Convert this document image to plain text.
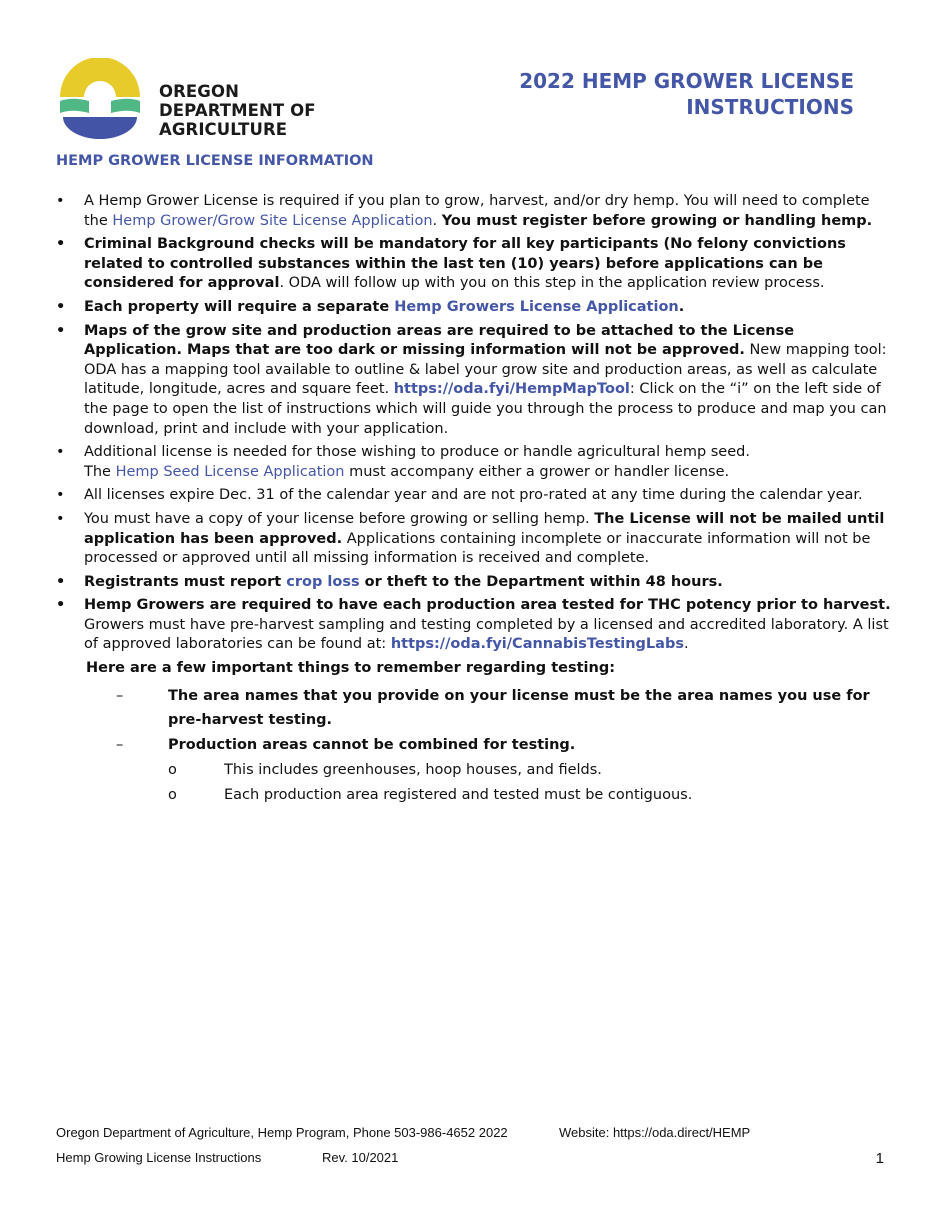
OREGON
DEPARTMENT OF
AGRICULTURE
2022 HEMP GROWER LICENSE
INSTRUCTIONS
HEMP GROWER LICENSE INFORMATION
• A Hemp Grower License is required if you plan to grow, harvest, and/or dry hemp. You will need to complete the Hemp Grower/Grow Site License Application. You must register before growing or handling hemp.
• Criminal Background checks will be mandatory for all key participants (No felony convictions related to controlled substances within the last ten (10) years) before applications can be considered for approval. ODA will follow up with you on this step in the application review process.
• Each property will require a separate Hemp Growers License Application.
• Maps of the grow site and production areas are required to be attached to the License Application. Maps that are too dark or missing information will not be approved. New mapping tool: ODA has a mapping tool available to outline & label your grow site and production areas, as well as calculate latitude, longitude, acres and square feet. https://oda.fyi/HempMapTool: Click on the “i” on the left side of the page to open the list of instructions which will guide you through the process to produce and map you can download, print and include with your application.
• Additional license is needed for those wishing to produce or handle agricultural hemp seed.
The Hemp Seed License Application must accompany either a grower or handler license.
• All licenses expire Dec. 31 of the calendar year and are not pro-rated at any time during the calendar year.
• You must have a copy of your license before growing or selling hemp. The License will not be mailed until application has been approved. Applications containing incomplete or inaccurate information will not be processed or approved until all missing information is received and complete.
• Registrants must report crop loss or theft to the Department within 48 hours.
• Hemp Growers are required to have each production area tested for THC potency prior to harvest. Growers must have pre-harvest sampling and testing completed by a licensed and accredited laboratory. A list of approved laboratories can be found at: https://oda.fyi/CannabisTestingLabs.
Here are a few important things to remember regarding testing:
–	The area names that you provide on your license must be the area names you use for pre-harvest testing.
–	Production areas cannot be combined for testing.
o	This includes greenhouses, hoop houses, and fields.
o	Each production area registered and tested must be contiguous.
Oregon Department of Agriculture, Hemp Program, Phone 503-986-4652 2022	Website: https://oda.direct/HEMP
Hemp Growing License Instructions	Rev. 10/2021	1
